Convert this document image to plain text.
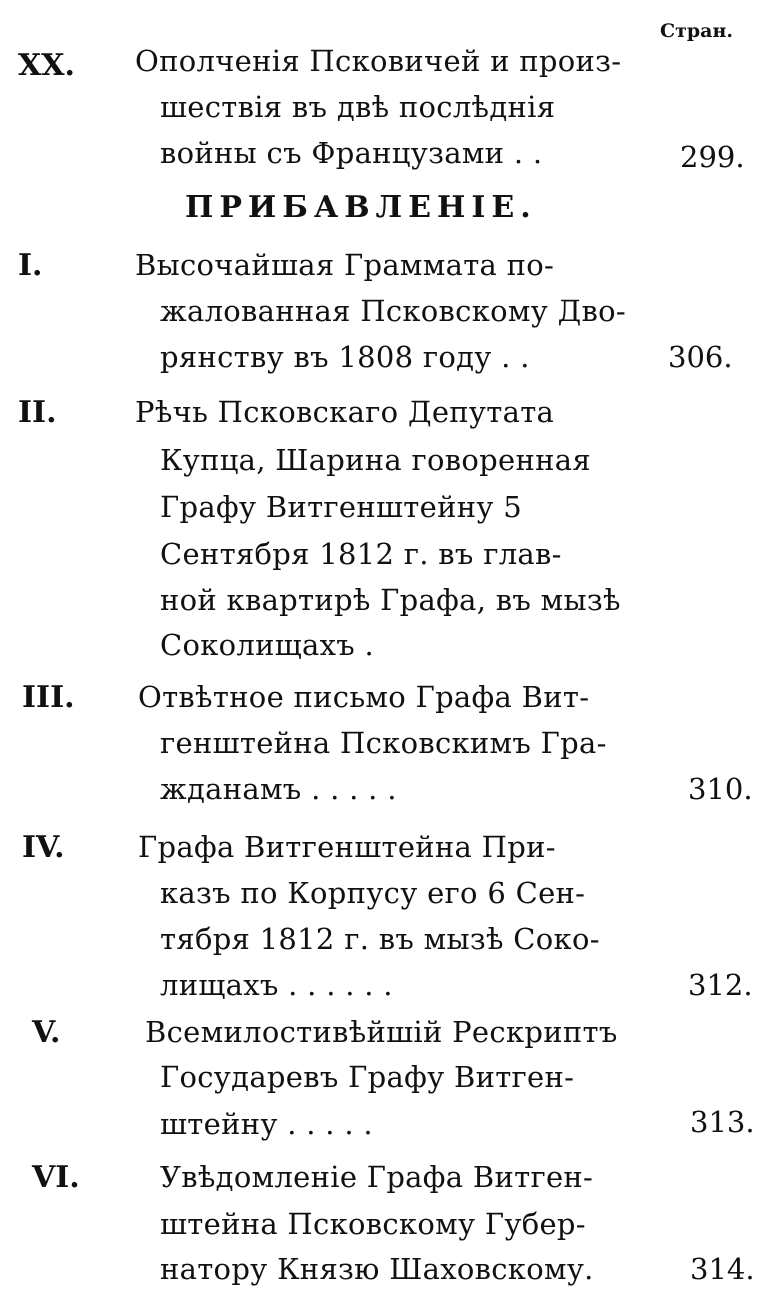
Стран.
XX. Ополченія Псковичей и произ-
шествія въ двѣ послѣднія
войны съ Французами . .	299.
ПРИБАВЛЕНІЕ.
I.	Высочайшая Граммата по-
жалованная Псковскому Дво-
рянству въ 1808 году . .	306.
II.	Рѣчь Псковскаго Депутата
Купца, Шарина говоренная
Графу Витгенштейну 5
Сентября 1812 г. въ глав-
ной квартирѣ Графа, въ мызѣ
Соколищахъ .
III. Отвѣтное письмо Графа Вит-
генштейна Псковскимъ Гра-
жданамъ . . . . .	310.
IV.	Графа Витгенштейна При-
казъ по Корпусу его 6 Сен-
тября 1812 г. въ мызѣ Соко-
лищахъ . . . . . .	312.
V.	Всемилостивѣйшій Рескриптъ
Государевъ Графу Витген-
штейну . . . . .	313.
VI.	Увѣдомленіе Графа Витген-
штейна Псковскому Губер-
натору Князю Шаховскому.	314.
